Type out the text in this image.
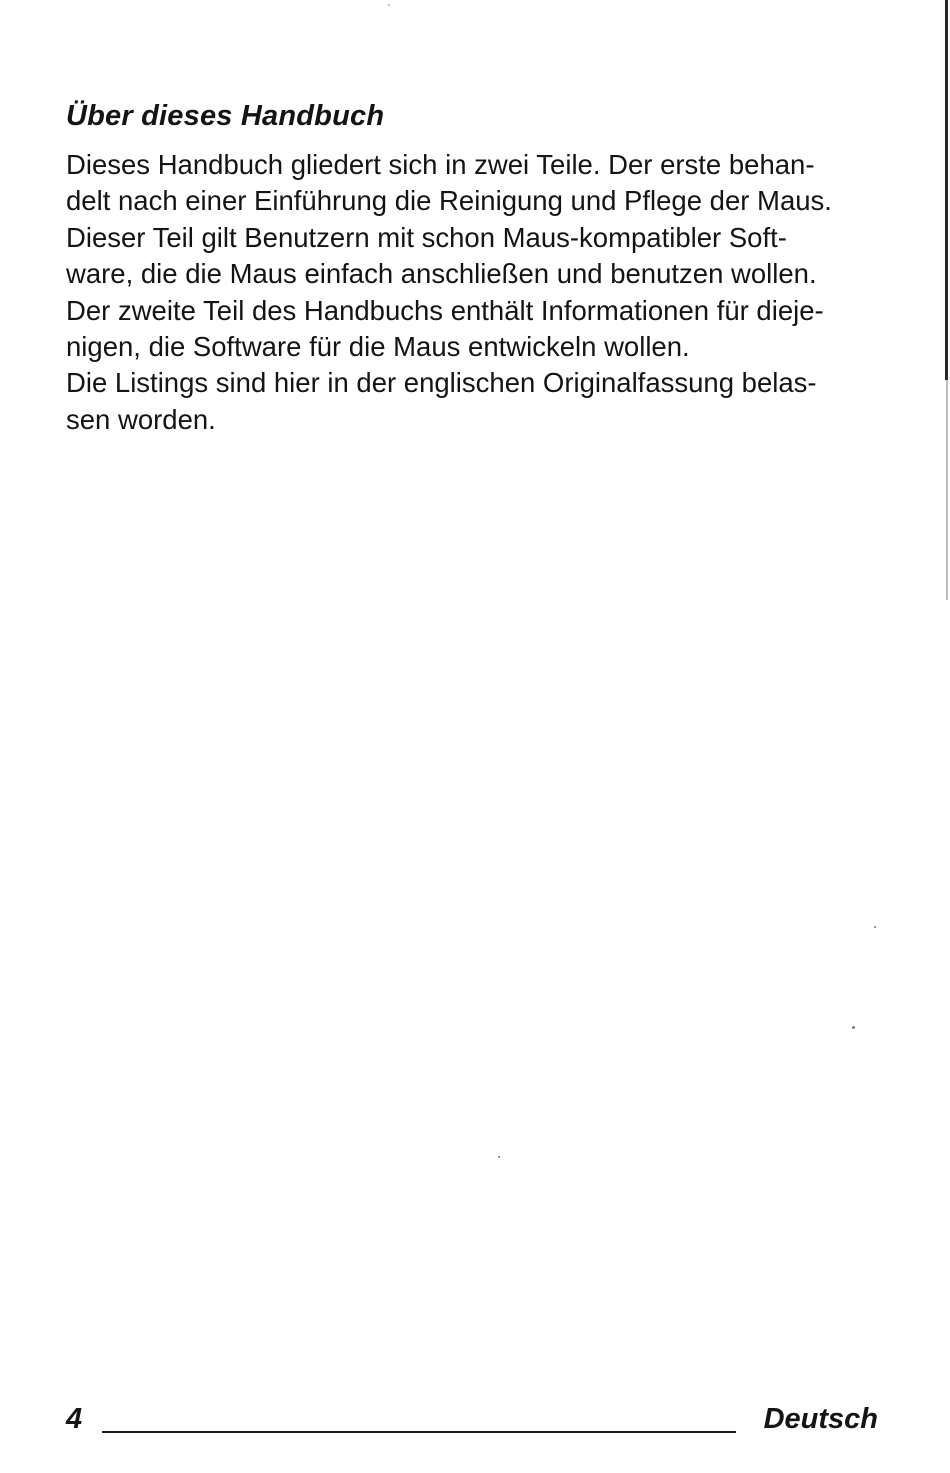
Über dieses Handbuch

Dieses Handbuch gliedert sich in zwei Teile. Der erste behan-
delt nach einer Einführung die Reinigung und Pflege der Maus.
Dieser Teil gilt Benutzern mit schon Maus-kompatibler Soft-
ware, die die Maus einfach anschließen und benutzen wollen.
Der zweite Teil des Handbuchs enthält Informationen für dieje-
nigen, die Software für die Maus entwickeln wollen.
Die Listings sind hier in der englischen Originalfassung belas-
sen worden.

4	Deutsch
